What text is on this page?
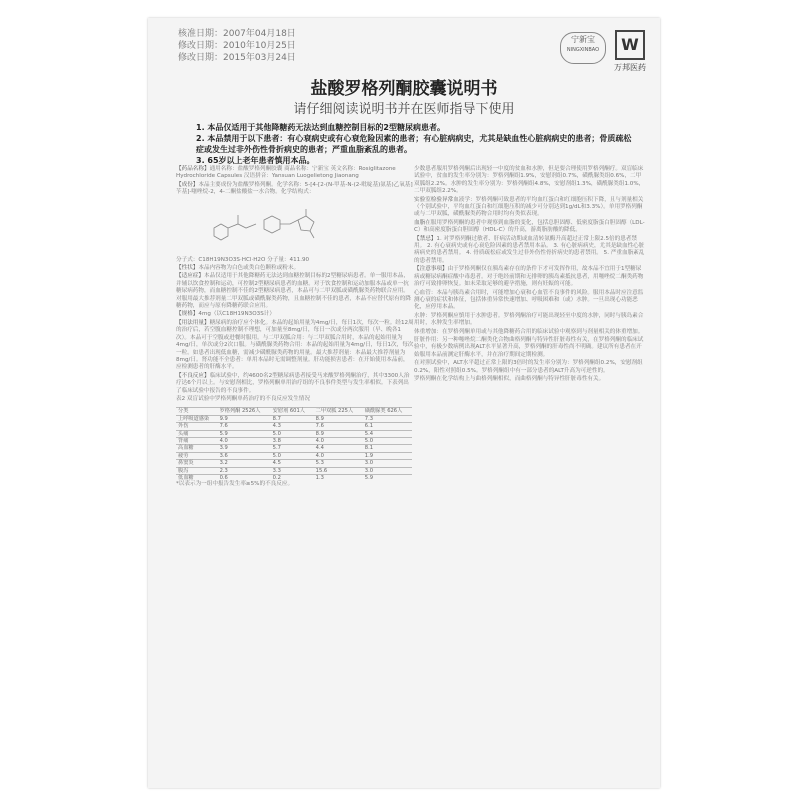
核准日期：2007年04月18日
修改日期：2010年10月25日
修改日期：2015年03月24日
宁新宝
NINGXINBAO	W
万邦医药
盐酸罗格列酮胶囊说明书
请仔细阅读说明书并在医师指导下使用
1. 本品仅适用于其他降糖药无法达到血糖控制目标的2型糖尿病患者。
2. 本品禁用于以下患者：有心衰病史或有心衰危险因素的患者；有心脏病病史，尤其是缺血性心脏病病史的患者；骨质疏松症或发生过非外伤性骨折病史的患者；严重血脂紊乱的患者。
3. 65岁以上老年患者慎用本品。

【药品名称】通用名称：盐酸罗格列酮胶囊 商品名称：宁新宝 英文名称：Rosiglitazone Hydrochloride Capsules 汉语拼音：Yansuan Luogelietong Jiaonang

【成份】本品主要成份为盐酸罗格列酮。化学名称：5-[4-[2-(N-甲基-N-(2-吡啶基)氨基)乙氧基]苄基]-噻唑烷-2，4-二酮盐酸盐一水合物。化学结构式：

分子式：C18H19N3O3S·HCl·H2O 分子量：411.90

【性状】本品内容物为白色或类白色颗粒或粉末。

【适应症】本品仅适用于其他降糖药无法达到血糖控制目标的2型糖尿病患者。单一服用本品，并辅以饮食控制和运动，可控制2型糖尿病患者的血糖。对于饮食控制和运动加服本品或单一抗糖尿病药物，而血糖控制不佳的2型糖尿病患者，本品可与二甲双胍或磺酰脲类药物联合应用。对服用最大推荐剂量二甲双胍或磺酰脲类药物，且血糖控制不佳的患者，本品不应替代原有的降糖药物，而应与原有降糖药联合应用。

【规格】4mg（以C18H19N3O3S计）

【用法用量】糖尿病的治疗应个体化。本品的起始用量为4mg/日，每日1次，每次一粒。经12周的治疗后，若空腹血糖控制不理想，可加量至8mg/日，每日一次或分两次服用（早、晚各1次）。本品可于空腹或进餐时服用。与二甲双胍合用：与二甲双胍合用时，本品的起始用量为4mg/日，单次或分2次口服。与磺酰脲类药物合用：本品的起始用量为4mg/日，每日1次，每次一粒。如患者出现低血糖，需减少磺酰脲类药物的用量。最大推荐剂量：本品最大推荐剂量为8mg/日。肾功能不全患者：单用本品时无需调整剂量。肝功能损害患者：在开始使用本品前，应检测患者的肝酶水平。

【不良反应】临床试验中，约4600名2型糖尿病患者接受马来酸罗格列酮治疗，其中3300人治疗达6个月以上。与安慰剂相比，罗格列酮单用治疗组的不良事件类型与发生率相似。下表列出了临床试验中报告的不良事件。

表2 双盲试验中罗格列酮单药治疗的不良反应发生情况
分类	罗格列酮 2526人	安慰剂 601人	二甲双胍 225人	磺酰脲类 626人
上呼吸道感染	9.9	8.7	8.9	7.3
外伤	7.6	4.3	7.6	6.1
头痛	5.9	5.0	8.9	5.4
背痛	4.0	3.8	4.0	5.0
高血糖	3.9	5.7	4.4	8.1
疲劳	3.6	5.0	4.0	1.9
鼻窦炎	3.2	4.5	5.3	3.0
腹泻	2.3	3.3	15.6	3.0
低血糖	0.6	0.2	1.3	5.9
*以表示为一组中报告发生率≥5%的不良反应。

少数患者服用罗格列酮后出现轻一中度的贫血和水肿，但是要合理使用罗格列酮疗。双盲临床试验中，贫血的发生率分别为：罗格列酮组1.9%，安慰剂组0.7%，磺酰脲类组0.6%，二甲双胍组2.2%。水肿的发生率分别为：罗格列酮组4.8%，安慰剂组1.3%，磺酰脲类组1.0%，二甲双胍组2.2%。

实验室检验异常血液学：罗格列酮可致患者的平均血红蛋白和红细胞压积下降，且与剂量相关（个别试验中，平均血红蛋白和红细胞压积的减少可分别达到1g/dL和3.3%）。单用罗格列酮或与二甲双胍，磺酰脲类药物合用时均有类似表现。

血脂在服用罗格列酮的患者中观察到血脂的变化，包括总胆固醇、低密度脂蛋白胆固醇（LDL-C）和高密度脂蛋白胆固醇（HDL-C）的升高，游离脂肪酸的降低。

【禁忌】1. 对罗格列酮过敏者、肝病活动期或血清转氨酶升高超过正常上限2.5倍的患者禁用。 2. 有心衰病史或有心衰危险因素的患者禁用本品。 3. 有心脏病病史，尤其是缺血性心脏病病史的患者禁用。 4. 骨质疏松症或发生过非外伤性骨折病史的患者禁用。 5. 严重血脂紊乱的患者禁用。

【注意事项】由于罗格列酮仅在胰岛素存在的条件下才可发挥作用，故本品不宜用于1型糖尿病或糖尿病酮症酸中毒患者。对于绝经前期和无排卵的胰岛素抵抗患者，用噻唑烷二酮类药物治疗可致排卵恢复。如未采取足够的避孕措施，则有妊娠的可能。

心血管：本品与胰岛素合用时，可能增加心衰和心血管不良事件的风险。服用本品时应注意监测心衰的症状和体征，包括体重异常快速增加、呼吸困难和（或）水肿。一旦出现心功能恶化，应停用本品。

水肿：罗格列酮应慎用于水肿患者。罗格列酮治疗可能出现轻至中度的水肿，同时与胰岛素合用时，水肿发生率增加。

体重增加：在罗格列酮单用或与其他降糖药合用的临床试验中观察到与剂量相关的体重增加。

肝脏作用：另一种噻唑烷二酮类化合物曲格列酮与特异性肝脏毒性有关，在罗格列酮的临床试验中，有极少数病例出现ALT水平显著升高，罗格列酮的肝毒性尚不明确。建议所有患者在开始服用本品前测定肝酶水平，并在治疗期间定期检测。

在对照试验中，ALT水平超过正常上限的3倍时的发生率分别为：罗格列酮组0.2%，安慰剂组0.2%，阳性对照组0.5%。罗格列酮组中有一部分患者的ALT升高为可逆性的。

罗格列酮在化学结构上与曲格列酮相似，而曲格列酮与特异性肝脏毒性有关。
